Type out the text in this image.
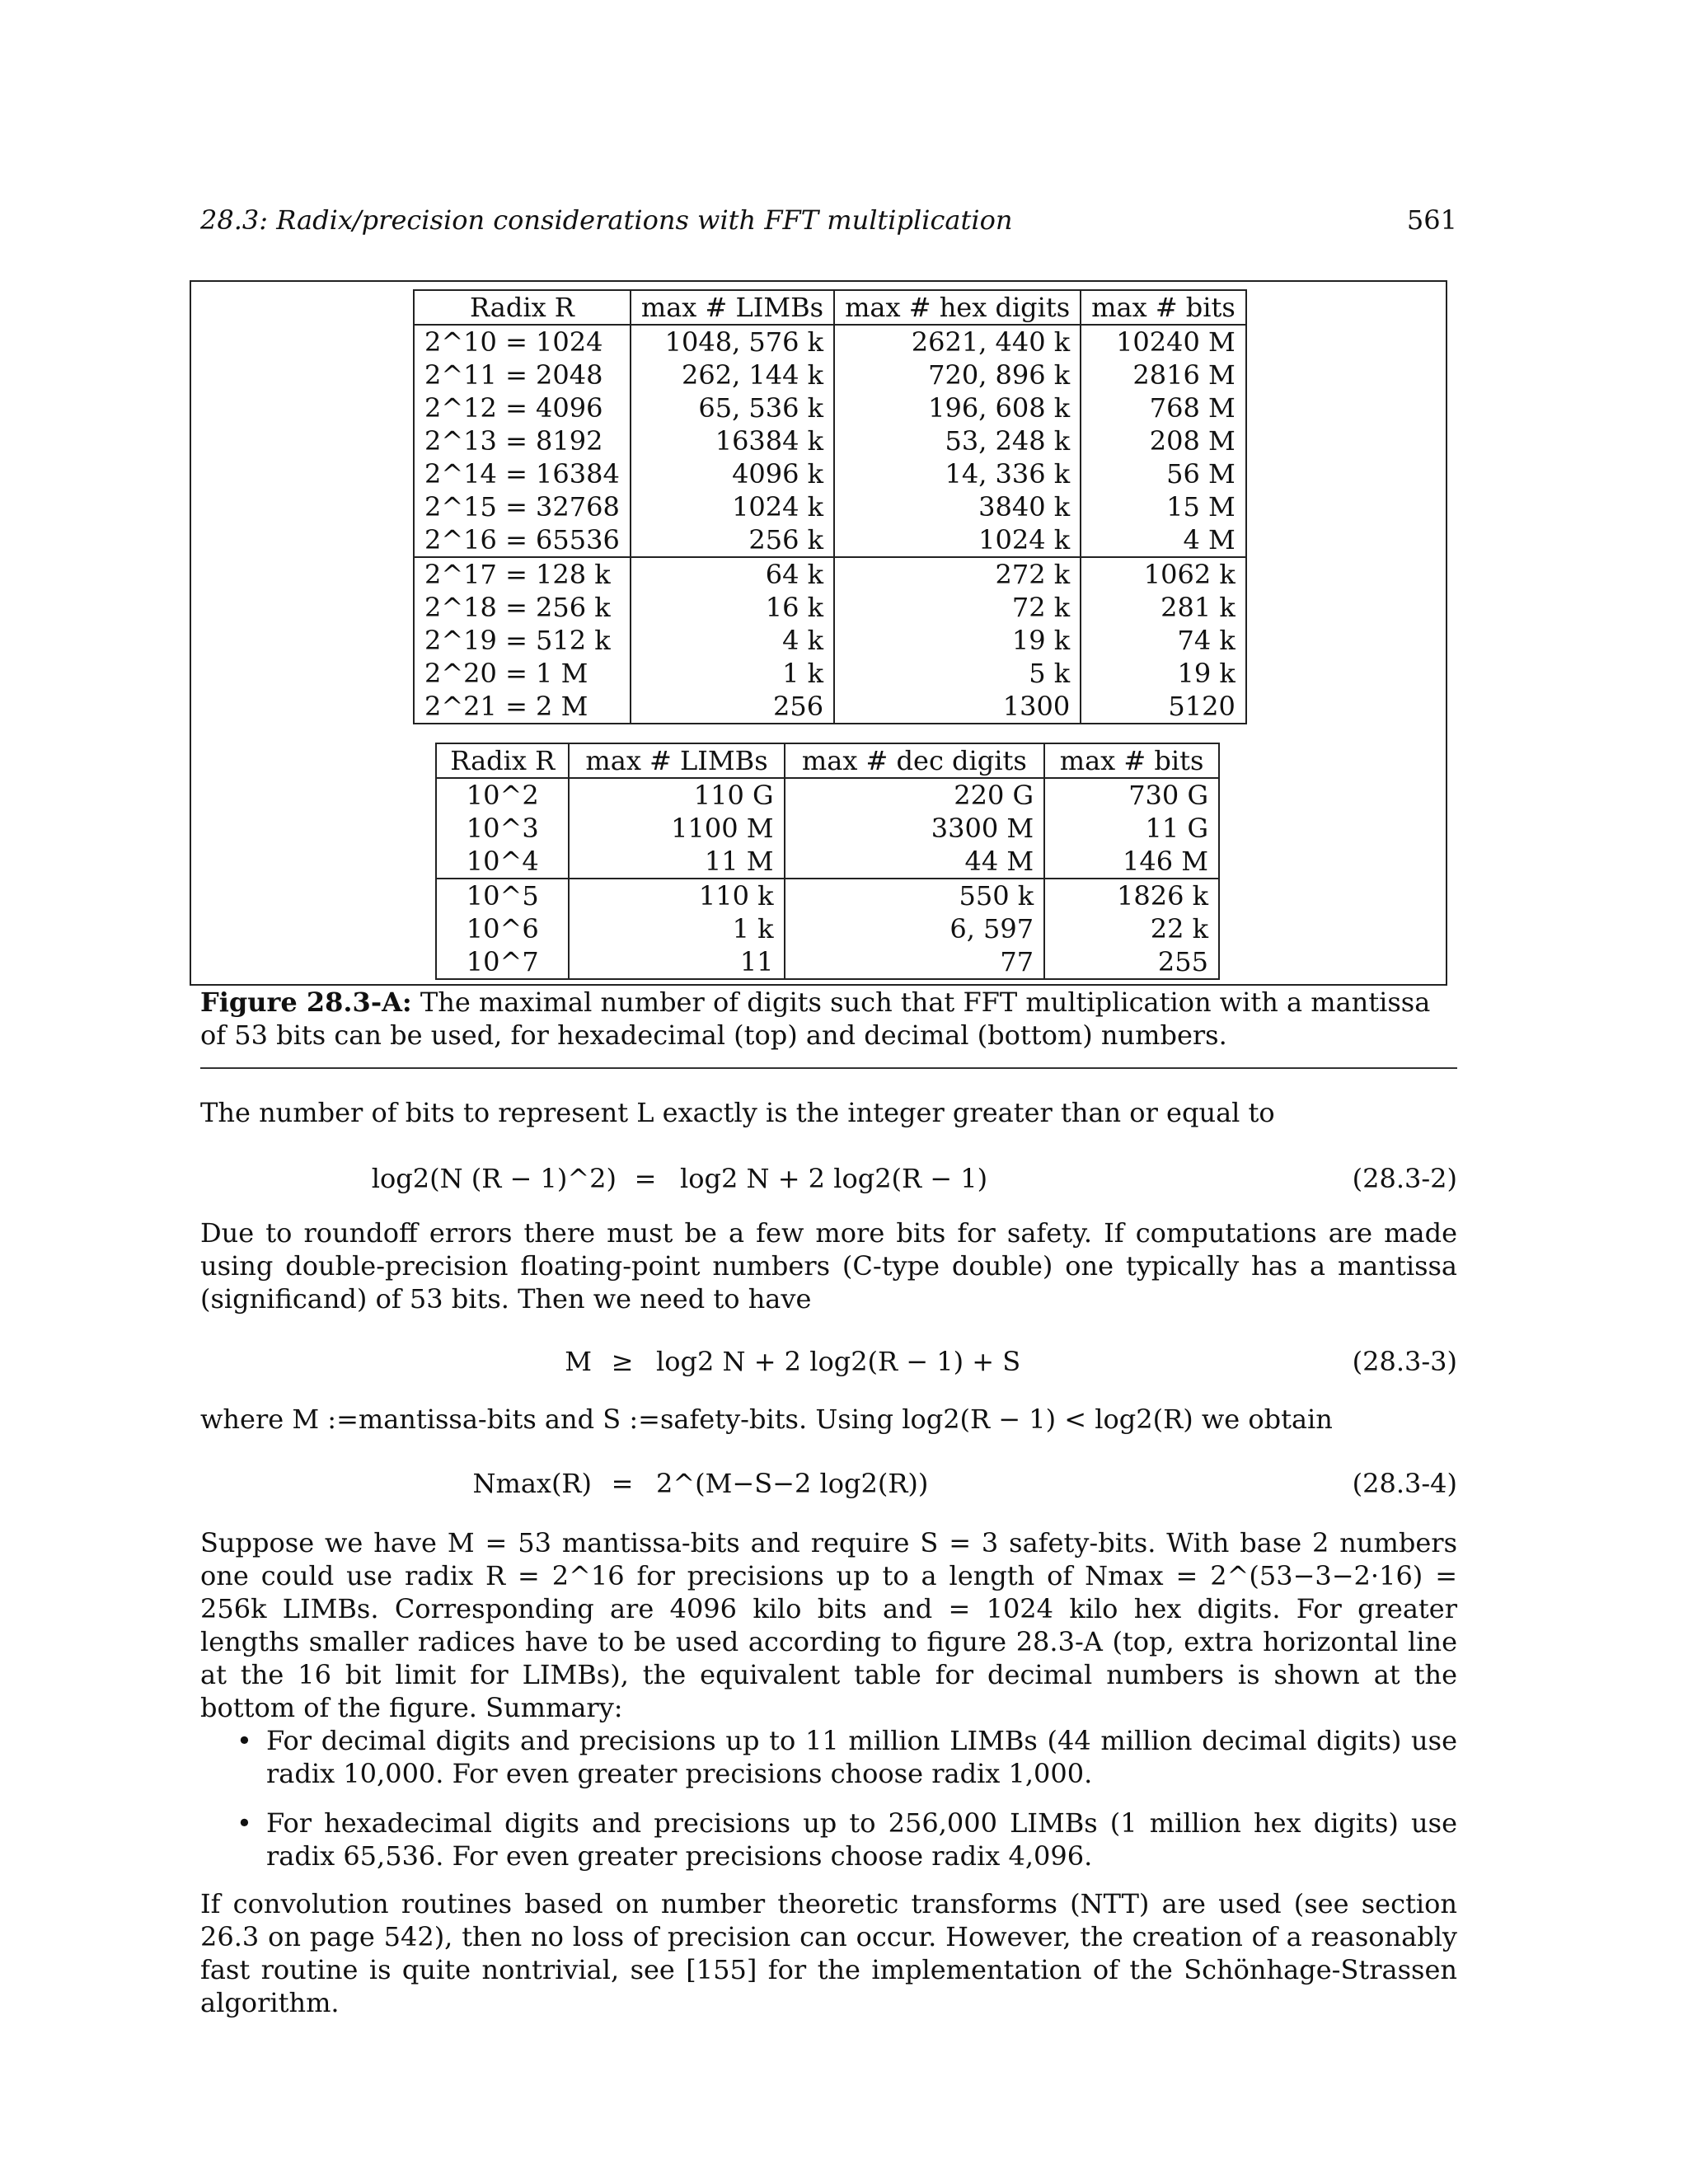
28.3: Radix/precision considerations with FFT multiplication	561
Radix R	max # LIMBs	max # hex digits	max # bits
2^10 = 1024	1048, 576 k	2621, 440 k	10240 M
2^11 = 2048	262, 144 k	720, 896 k	2816 M
2^12 = 4096	65, 536 k	196, 608 k	768 M
2^13 = 8192	16384 k	53, 248 k	208 M
2^14 = 16384	4096 k	14, 336 k	56 M
2^15 = 32768	1024 k	3840 k	15 M
2^16 = 65536	256 k	1024 k	4 M
2^17 = 128 k	64 k	272 k	1062 k
2^18 = 256 k	16 k	72 k	281 k
2^19 = 512 k	4 k	19 k	74 k
2^20 = 1 M	1 k	5 k	19 k
2^21 = 2 M	256	1300	5120
Radix R	max # LIMBs	max # dec digits	max # bits
10^2	110 G	220 G	730 G
10^3	1100 M	3300 M	11 G
10^4	11 M	44 M	146 M
10^5	110 k	550 k	1826 k
10^6	1 k	6, 597	22 k
10^7	11	77	255
Figure 28.3-A: The maximal number of digits such that FFT multiplication with a mantissa of 53 bits can be used, for hexadecimal (top) and decimal (bottom) numbers.
The number of bits to represent L exactly is the integer greater than or equal to
log2(N (R − 1)^2) = log2 N + 2 log2(R − 1)	(28.3-2)
Due to roundoff errors there must be a few more bits for safety. If computations are made using double-precision floating-point numbers (C-type double) one typically has a mantissa (significand) of 53 bits. Then we need to have
M ≥ log2 N + 2 log2(R − 1) + S	(28.3-3)
where M :=mantissa-bits and S :=safety-bits. Using log2(R − 1) < log2(R) we obtain
Nmax(R) = 2^(M−S−2 log2(R))	(28.3-4)
Suppose we have M = 53 mantissa-bits and require S = 3 safety-bits. With base 2 numbers one could use radix R = 2^16 for precisions up to a length of Nmax = 2^(53−3−2·16) = 256k LIMBs. Corresponding are 4096 kilo bits and = 1024 kilo hex digits. For greater lengths smaller radices have to be used according to figure 28.3-A (top, extra horizontal line at the 16 bit limit for LIMBs), the equivalent table for decimal numbers is shown at the bottom of the figure. Summary:
• For decimal digits and precisions up to 11 million LIMBs (44 million decimal digits) use radix 10,000. For even greater precisions choose radix 1,000.
• For hexadecimal digits and precisions up to 256,000 LIMBs (1 million hex digits) use radix 65,536. For even greater precisions choose radix 4,096.
If convolution routines based on number theoretic transforms (NTT) are used (see section 26.3 on page 542), then no loss of precision can occur. However, the creation of a reasonably fast routine is quite nontrivial, see [155] for the implementation of the Schönhage-Strassen algorithm.
